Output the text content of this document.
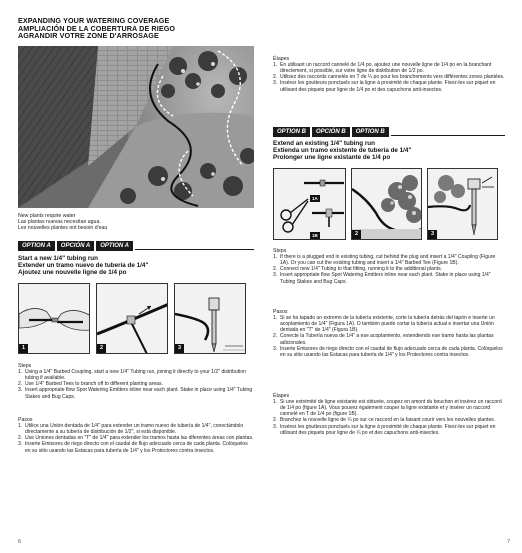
EXPANDING YOUR WATERING COVERAGE
AMPLIACIÓN DE LA COBERTURA DE RIEGO
AGRANDIR VOTRE ZONE D'ARROSAGE
New plants require water
Las plantas nuevas necesitan agua.
Les nouvelles plantes ont besoin d'eau
OPTION A	OPCIÓN A	OPTION A
Start a new 1/4" tubing run
Extender un tramo nuevo de tubería de 1/4"
Ajoutez une nouvelle ligne de 1/4 po
1	2	3
Steps
1. Using a 1/4" Barbed Coupling, start a new 1/4" Tubing run, joining it directly to your 1/2" distribution tubing if available.
2. Use 1/4" Barbed Tees to branch off to different planting areas.
3. Insert appropriate flow Spot Watering Emitters inline near each plant. Stake in place using 1/4" Tubing Stakes and Bug Caps.
Pasos
1. Utilice una Unión dentada de 1/4" para extender un tramo nuevo de tubería de 1/4", conectándolo directamente a su tubería de distribución de 1/2", si está disponible.
2. Use Uniones dentadas en "T" de 1/4" para extender los tramos hasta las diferentes áreas con plantas.
3. Inserte Emisores de riego directo con el caudal de flujo adecuado cerca de cada planta. Colóquelos en su sitio usando las Estacas para tubería de 1/4" y los Protectores contra insectos.
6
Étapes
1. En utilisant un raccord cannelé de 1/4 po, ajoutez une nouvelle ligne de 1/4 po en la branchant directement, si possible, sur votre ligne de distribution de 1/2 po.
2. Utilisez des raccords cannelés en T de ¼ po pour les branchements vers différentes zones plantées.
3. Insérez les goutteurs ponctuels sur la ligne à proximité de chaque plante. Fixez-les sur piquet en utilisant des piquets pour ligne de 1/4 po et des capuchons anti-insectes.
OPTION B	OPCIÓN B	OPTION B
Extend an existing 1/4" tubing run
Extienda un tramo existente de tubería de 1/4"
Prolonger une ligne existante de 1/4 po
1A
1B	2	3
Steps
1. If there is a plugged end in existing tubing, cut behind the plug and insert a 1/4" Coupling (Figure 1A). Or you can cut the existing tubing and insert a 1/4" Barbed Tee (Figure 1B).
2. Connect new 1/4" Tubing to that fitting, running it to the additional plants.
3. Insert appropriate flow Spot Watering Emitters inline near each plant. Stake in place using 1/4" Tubing Stakes and Bug Caps.
Pasos
1. Si se ha tapado un extremo de la tubería existente, corte la tubería detrás del tapón e inserte un acoplamiento de 1/4" (Figura 1A). O también puede cortar la tubería actual e insertar una Unión dentada en "T" de 1/4" (Figura 1B).
2. Conecte la Tubería nueva de 1/4" a ese acoplamiento, extendiendo ese tramo hasta las plantas adicionales.
3. Inserte Emisores de riego directo con el caudal de flujo adecuado cerca de cada planta. Colóquelos en su sitio usando las Estacas para tubería de 1/4" y los Protectores contra insectos.
Étapes
1. Si une extrémité de ligne existante est obturée, coupez en amont du bouchon et insérez un raccord de 1/4 po (figure 1A). Vous pouvez également couper la ligne existante et y insérer un raccord cannelé en T de 1/4 po (figure 1B).
2. Branchez la nouvelle ligne de ¼ po sur ce raccord en la faisant courir vers les nouvelles plantes.
3. Insérez les goutteurs ponctuels sur la ligne à proximité de chaque plante. Fixez-les sur piquet en utilisant des piquets pour ligne de ¼ po et des capuchons anti-insectes.
7
